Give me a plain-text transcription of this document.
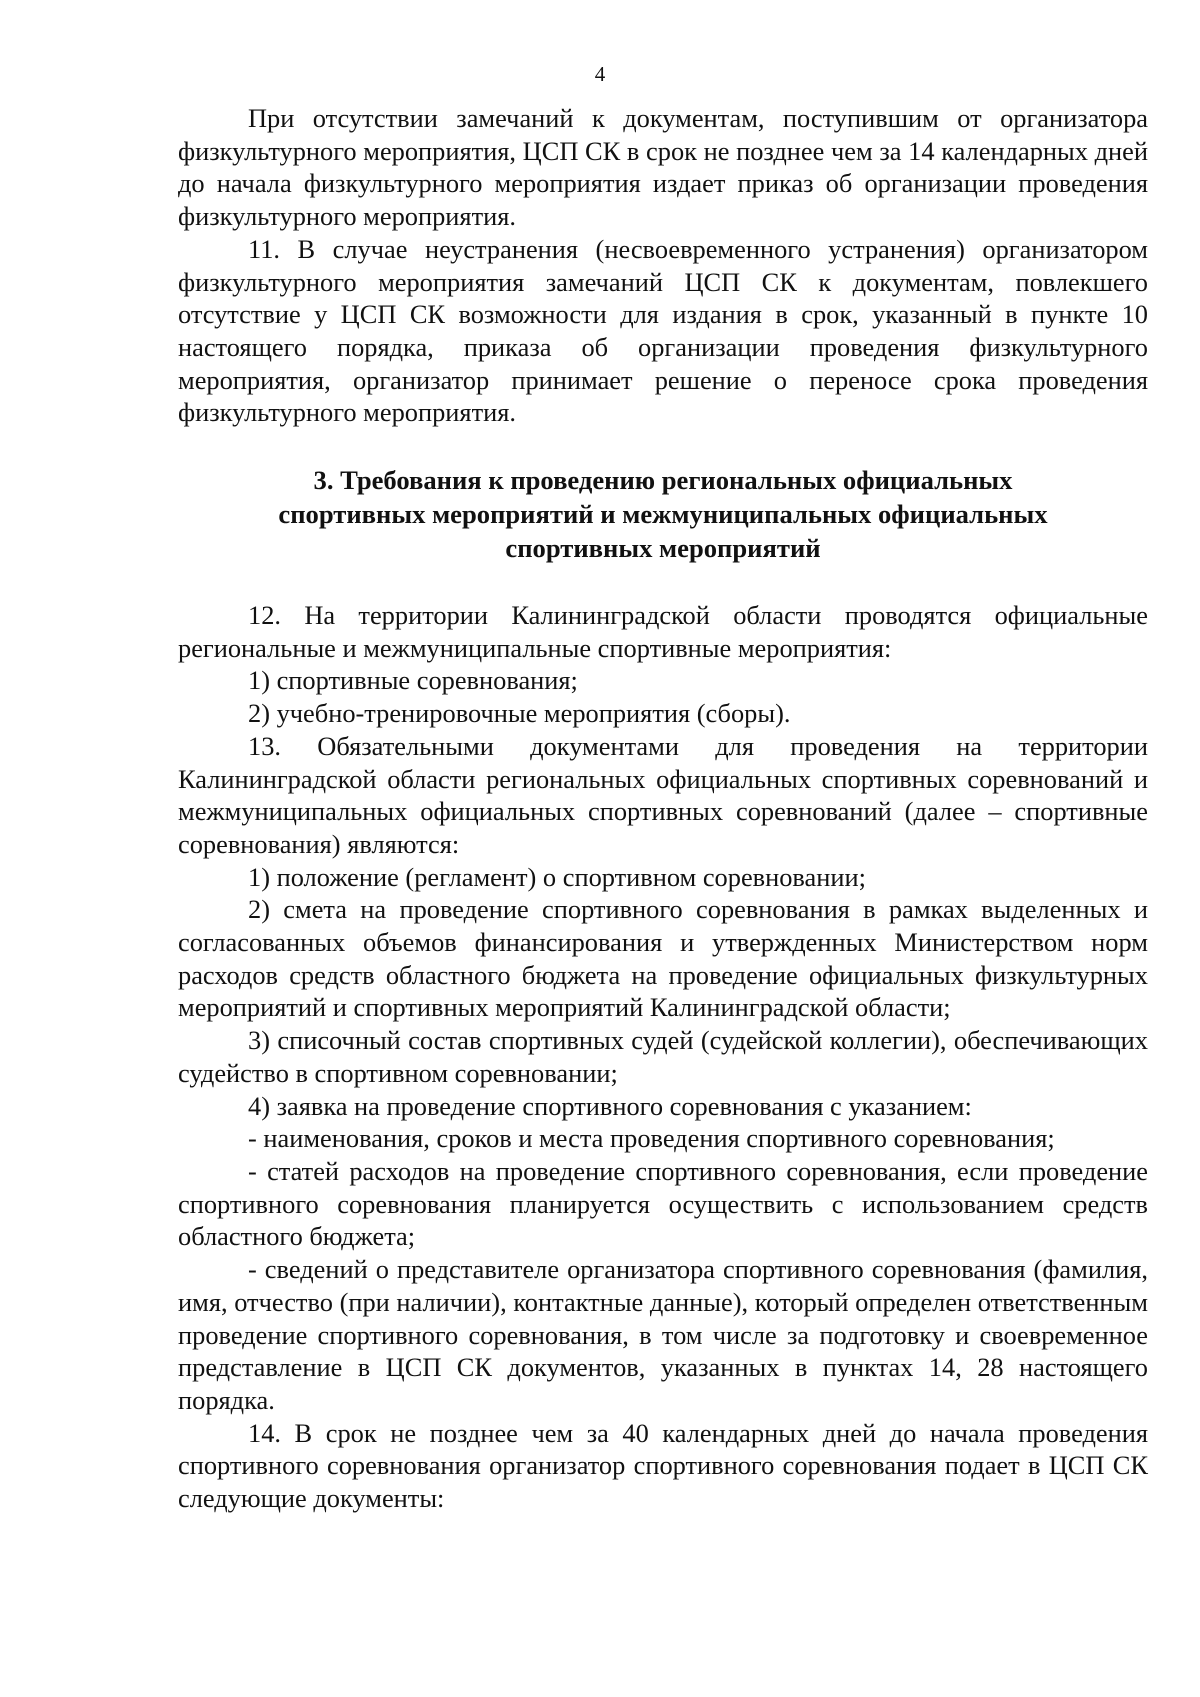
4

При отсутствии замечаний к документам, поступившим от организатора физкультурного мероприятия, ЦСП СК в срок не позднее чем за 14 календарных дней до начала физкультурного мероприятия издает приказ об организации проведения физкультурного мероприятия.

11. В случае неустранения (несвоевременного устранения) организатором физкультурного мероприятия замечаний ЦСП СК к документам, повлекшего отсутствие у ЦСП СК возможности для издания в срок, указанный в пункте 10 настоящего порядка, приказа об организации проведения физкультурного мероприятия, организатор принимает решение о переносе срока проведения физкультурного мероприятия.

3. Требования к проведению региональных официальных
спортивных мероприятий и межмуниципальных официальных
спортивных мероприятий

12. На территории Калининградской области проводятся официальные региональные и межмуниципальные спортивные мероприятия:

1) спортивные соревнования;

2) учебно-тренировочные мероприятия (сборы).

13. Обязательными документами для проведения на территории Калининградской области региональных официальных спортивных соревнований и межмуниципальных официальных спортивных соревнований (далее – спортивные соревнования) являются:

1) положение (регламент) о спортивном соревновании;

2) смета на проведение спортивного соревнования в рамках выделенных и согласованных объемов финансирования и утвержденных Министерством норм расходов средств областного бюджета на проведение официальных физкультурных мероприятий и спортивных мероприятий Калининградской области;

3) списочный состав спортивных судей (судейской коллегии), обеспечивающих судейство в спортивном соревновании;

4) заявка на проведение спортивного соревнования с указанием:

- наименования, сроков и места проведения спортивного соревнования;

- статей расходов на проведение спортивного соревнования, если проведение спортивного соревнования планируется осуществить с использованием средств областного бюджета;

- сведений о представителе организатора спортивного соревнования (фамилия, имя, отчество (при наличии), контактные данные), который определен ответственным проведение спортивного соревнования, в том числе за подготовку и своевременное представление в ЦСП СК документов, указанных в пунктах 14, 28 настоящего порядка.

14. В срок не позднее чем за 40 календарных дней до начала проведения спортивного соревнования организатор спортивного соревнования подает в ЦСП СК следующие документы:
